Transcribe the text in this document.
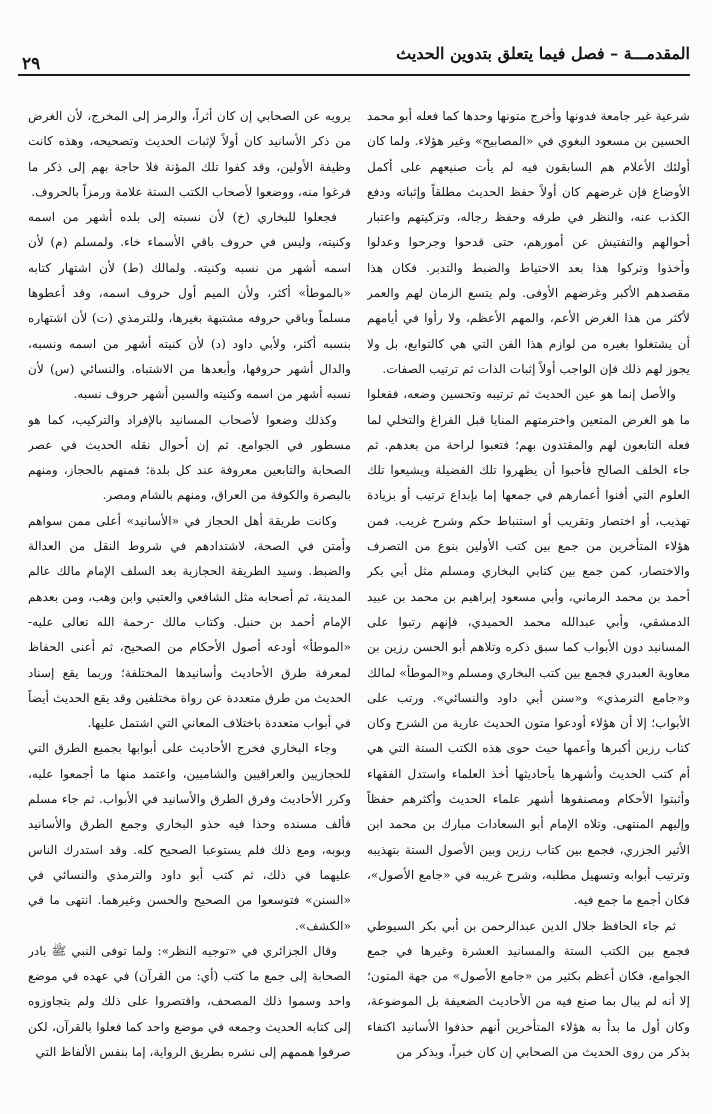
٢٩
المقدمـــة – فصل فيما يتعلق بتدوين الحديث

شرعية غير جامعة فدونها وأخرج متونها وحدها كما فعله أبو محمد الحسين بن مسعود البغوي في «المصابيح» وغير هؤلاء. ولما كان أولئك الأعلام هم السابقون فيه لم يأت صنيعهم على أكمل الأوضاع فإن غرضهم كان أولاً حفظ الحديث مطلقاً وإثباته ودفع الكذب عنه، والنظر في طرقه وحفظ رجاله، وتزكيتهم واعتبار أحوالهم والتفتيش عن أمورهم، حتى قدحوا وجرحوا وعدلوا وأخذوا وتركوا هذا بعد الاحتياط والضبط والتدبر. فكان هذا مقصدهم الأكبر وغرضهم الأوفى. ولم يتسع الزمان لهم والعمر لأكثر من هذا الغرض الأعم، والمهم الأعظم، ولا رأوا في أيامهم أن يشتغلوا بغيره من لوازم هذا الفن التي هي كالتوابع، بل ولا يجوز لهم ذلك فإن الواجب أولاً إثبات الذات ثم ترتيب الصفات.

والأصل إنما هو عين الحديث ثم ترتيبه وتحسين وضعه، ففعلوا ما هو الغرض المتعين واخترمتهم المنايا قبل الفراغ والتخلي لما فعله التابعون لهم والمقتدون بهم؛ فتعبوا لراحة من بعدهم. ثم جاء الخلف الصالح فأحبوا أن يظهروا تلك الفضيلة ويشيعوا تلك العلوم التي أفنوا أعمارهم في جمعها إما بإبداع ترتيب أو بزيادة تهذيب، أو اختصار وتقريب أو استنباط حكم وشرح غريب. فمن هؤلاء المتأخرين من جمع بين كتب الأولين بنوع من التصرف والاختصار، كمن جمع بين كتابي البخاري ومسلم مثل أبي بكر أحمد بن محمد الرماني، وأبي مسعود إبراهيم بن محمد بن عبيد الدمشقي، وأبي عبدالله محمد الحميدي، فإنهم رتبوا على المسانيد دون الأبواب كما سبق ذكره وتلاهم أبو الحسن رزين بن معاوية العبدري فجمع بين كتب البخاري ومسلم و«الموطأ» لمالك و«جامع الترمذي» و«سنن أبي داود والنسائي». ورتب على الأبواب؛ إلا أن هؤلاء أودعوا متون الحديث عارية من الشرح وكان كتاب رزين أكبرها وأعمها حيث حوى هذه الكتب الستة التي هي أم كتب الحديث وأشهرها بأحاديثها أخذ العلماء واستدل الفقهاء وأثبتوا الأحكام ومصنفوها أشهر علماء الحديث وأكثرهم حفظاً وإليهم المنتهى. وتلاه الإمام أبو السعادات مبارك بن محمد ابن الأثير الجزري، فجمع بين كتاب رزين وبين الأصول الستة بتهذيبه وترتيب أبوابه وتسهيل مطلبه، وشرح غريبه في «جامع الأصول»، فكان أجمع ما جمع فيه.

ثم جاء الحافظ جلال الدين عبدالرحمن بن أبي بكر السيوطي فجمع بين الكتب الستة والمسانيد العشرة وغيرها في جمع الجوامع، فكان أعظم بكثير من «جامع الأصول» من جهة المتون؛ إلا أنه لم يبال بما صنع فيه من الأحاديث الضعيفة بل الموضوعة، وكان أول ما بدأ به هؤلاء المتأخرين أنهم حذفوا الأسانيد اكتفاء بذكر من روى الحديث من الصحابي إن كان خبراً، وبذكر من

يرويه عن الصحابي إن كان أثراً، والرمز إلى المخرج، لأن الغرض من ذكر الأسانيد كان أولاً لإثبات الحديث وتصحيحه، وهذه كانت وظيفة الأولين، وقد كفوا تلك المؤنة فلا حاجة بهم إلى ذكر ما فرغوا منه، ووضعوا لأصحاب الكتب الستة علامة ورمزاً بالحروف.

فجعلوا للبخاري (خ) لأن نسبته إلى بلده أشهر من اسمه وكنيته، وليس في حروف باقي الأسماء خاء. ولمسلم (م) لأن اسمه أشهر من نسبه وكنيته. ولمالك (ط) لأن اشتهار كتابه «بالموطأ» أكثر، ولأن الميم أول حروف اسمه، وقد أعطوها مسلماً وباقي حروفه مشتبهة بغيرها، وللترمذي (ت) لأن اشتهاره بنسبه أكثر، ولأبي داود (د) لأن كنيته أشهر من اسمه ونسبه، والدال أشهر حروفها، وأبعدها من الاشتباه. والنسائي (س) لأن نسبه أشهر من اسمه وكنيته والسين أشهر حروف نسبه.

وكذلك وضعوا لأصحاب المسانيد بالإفراد والتركيب، كما هو مسطور في الجوامع. ثم إن أحوال نقله الحديث في عصر الصحابة والتابعين معروفة عند كل بلدة؛ فمنهم بالحجاز، ومنهم بالبصرة والكوفة من العراق، ومنهم بالشام ومصر.

وكانت طريقة أهل الحجاز في «الأسانيد» أعلى ممن سواهم وأمتن في الصحة، لاشتدادهم في شروط النقل من العدالة والضبط. وسيد الطريقة الحجازية بعد السلف الإمام مالك عالم المدينة، ثم أصحابه مثل الشافعي والعتبي وابن وهب، ومن بعدهم الإمام أحمد بن حنبل. وكتاب مالك -رحمة الله تعالى عليه- «الموطأ» أودعه أصول الأحكام من الصحيح، ثم أعنى الحفاظ لمعرفة طرق الأحاديث وأسانيدها المختلفة؛ وربما يقع إسناد الحديث من طرق متعددة عن رواة مختلفين وقد يقع الحديث أيضاً في أبواب متعددة باختلاف المعاني التي اشتمل عليها.

وجاء البخاري فخرج الأحاديث على أبوابها بجميع الطرق التي للحجازيين والعراقيين والشاميين، واعتمد منها ما أجمعوا عليه، وكرر الأحاديث وفرق الطرق والأسانيد في الأبواب. ثم جاء مسلم فألف مسنده وحذا فيه حذو البخاري وجمع الطرق والأسانيد وبوبه، ومع ذلك فلم يستوعبا الصحيح كله. وقد استدرك الناس عليهما في ذلك، ثم كتب أبو داود والترمذي والنسائي في «السنن» فتوسعوا من الصحيح والحسن وغيرهما. انتهى ما في «الكشف».

وقال الجزائري في «توجيه النظر»: ولما توفى النبي ﷺ بادر الصحابة إلى جمع ما كتب (أي: من القرآن) في عهده في موضع واحد وسموا ذلك المصحف، واقتصروا على ذلك ولم يتجاوزوه إلى كتابه الحديث وجمعه في موضع واحد كما فعلوا بالقرآن، لكن صرفوا هممهم إلى نشره بطريق الرواية، إما بنفس الألفاظ التي
